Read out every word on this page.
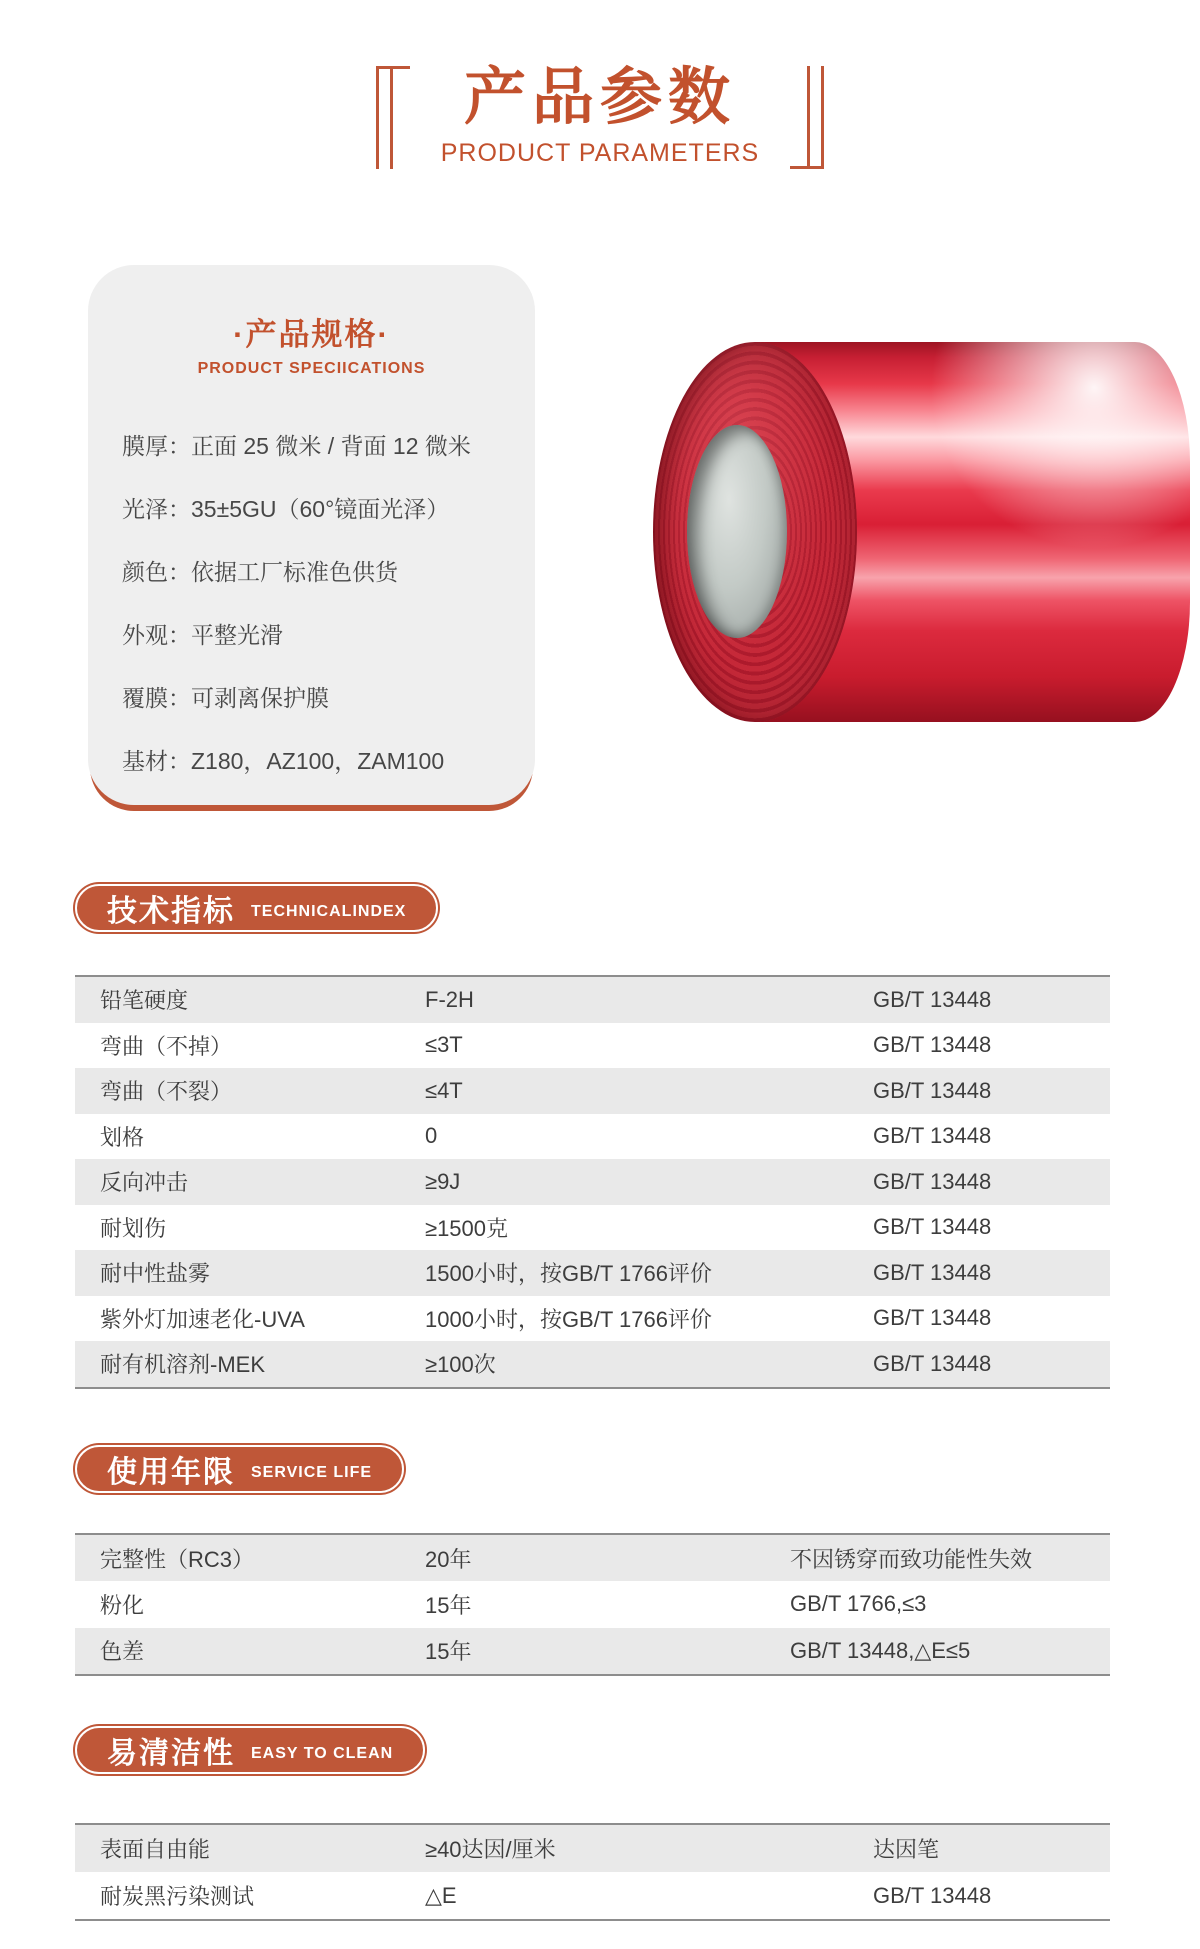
产品参数
PRODUCT PARAMETERS
·产品规格·
PRODUCT SPECIICATIONS
膜厚：正面 25 微米 / 背面 12 微米
光泽：35±5GU（60°镜面光泽）
颜色：依据工厂标准色供货
外观：平整光滑
覆膜：可剥离保护膜
基材：Z180，AZ100，ZAM100
技术指标 TECHNICALINDEX
铅笔硬度	F-2H	GB/T 13448
弯曲（不掉）	≤3T	GB/T 13448
弯曲（不裂）	≤4T	GB/T 13448
划格	0	GB/T 13448
反向冲击	≥9J	GB/T 13448
耐划伤	≥1500克	GB/T 13448
耐中性盐雾	1500小时，按GB/T 1766评价	GB/T 13448
紫外灯加速老化-UVA	1000小时，按GB/T 1766评价	GB/T 13448
耐有机溶剂-MEK	≥100次	GB/T 13448
使用年限 SERVICE LIFE
完整性（RC3）	20年	不因锈穿而致功能性失效
粉化	15年	GB/T 1766,≤3
色差	15年	GB/T 13448,△E≤5
易清洁性 EASY TO CLEAN
表面自由能	≥40达因/厘米	达因笔
耐炭黑污染测试	△E	GB/T 13448
